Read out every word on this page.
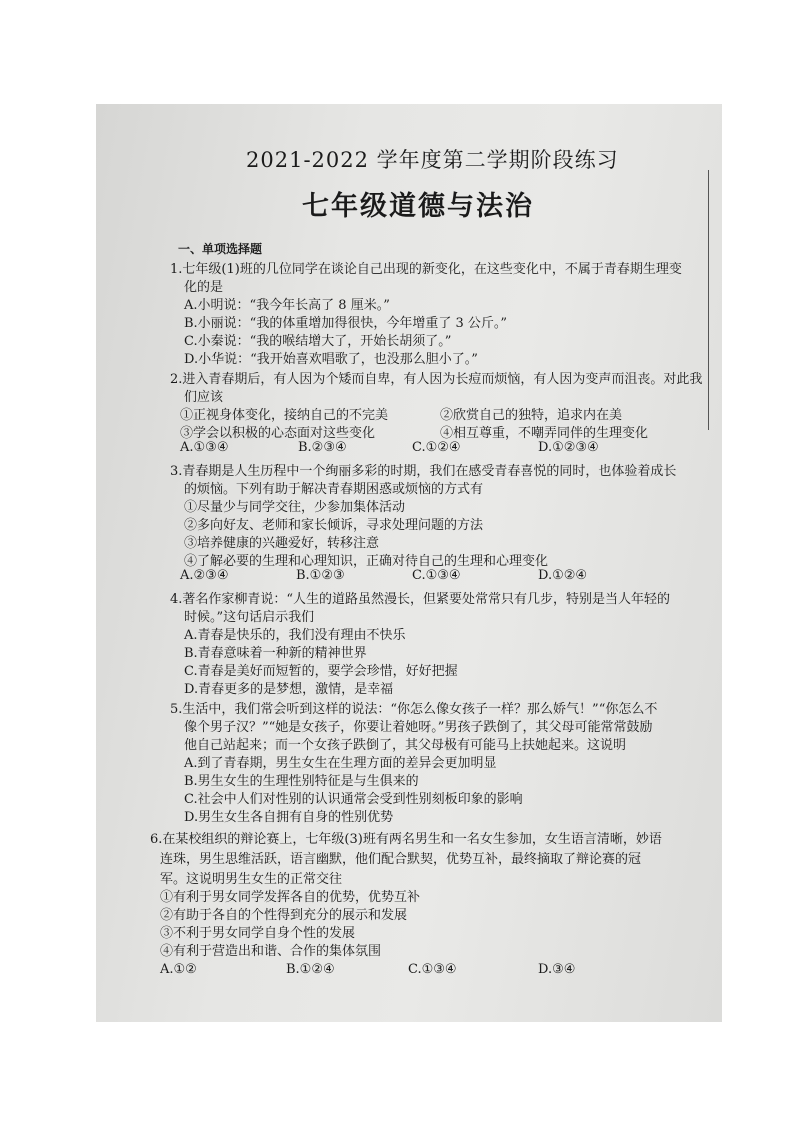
2021-2022 学年度第二学期阶段练习
七年级道德与法治
一、单项选择题
1.七年级(1)班的几位同学在谈论自己出现的新变化，在这些变化中，不属于青春期生理变
化的是
A.小明说：“我今年长高了 8 厘米。”
B.小丽说：“我的体重增加得很快，今年增重了 3 公斤。”
C.小秦说：“我的喉结增大了，开始长胡须了。”
D.小华说：“我开始喜欢唱歌了，也没那么胆小了。”
2.进入青春期后，有人因为个矮而自卑，有人因为长痘而烦恼，有人因为变声而沮丧。对此我
们应该
①正视身体变化，接纳自己的不完美	②欣赏自己的独特，追求内在美
③学会以积极的心态面对这些变化	④相互尊重，不嘲弄同伴的生理变化
A.①③④	B.②③④	C.①②④	D.①②③④
3.青春期是人生历程中一个绚丽多彩的时期，我们在感受青春喜悦的同时，也体验着成长
的烦恼。下列有助于解决青春期困惑或烦恼的方式有
①尽量少与同学交往，少参加集体活动
②多向好友、老师和家长倾诉，寻求处理问题的方法
③培养健康的兴趣爱好，转移注意
④了解必要的生理和心理知识，正确对待自己的生理和心理变化
A.②③④	B.①②③	C.①③④	D.①②④
4.著名作家柳青说：“人生的道路虽然漫长，但紧要处常常只有几步，特别是当人年轻的
时候。”这句话启示我们
A.青春是快乐的，我们没有理由不快乐
B.青春意味着一种新的精神世界
C.青春是美好而短暂的，要学会珍惜，好好把握
D.青春更多的是梦想，激情，是幸福
5.生活中，我们常会听到这样的说法：“你怎么像女孩子一样？那么娇气！”“你怎么不
像个男子汉？”“她是女孩子，你要让着她呀。”男孩子跌倒了，其父母可能常常鼓励
他自己站起来；而一个女孩子跌倒了，其父母极有可能马上扶她起来。这说明
A.到了青春期，男生女生在生理方面的差异会更加明显
B.男生女生的生理性别特征是与生俱来的
C.社会中人们对性别的认识通常会受到性别刻板印象的影响
D.男生女生各自拥有自身的性别优势
6.在某校组织的辩论赛上，七年级(3)班有两名男生和一名女生参加，女生语言清晰，妙语
连珠，男生思维活跃，语言幽默，他们配合默契，优势互补，最终摘取了辩论赛的冠
军。这说明男生女生的正常交往
①有利于男女同学发挥各自的优势，优势互补
②有助于各自的个性得到充分的展示和发展
③不利于男女同学自身个性的发展
④有利于营造出和谐、合作的集体氛围
A.①②	B.①②④	C.①③④	D.③④
